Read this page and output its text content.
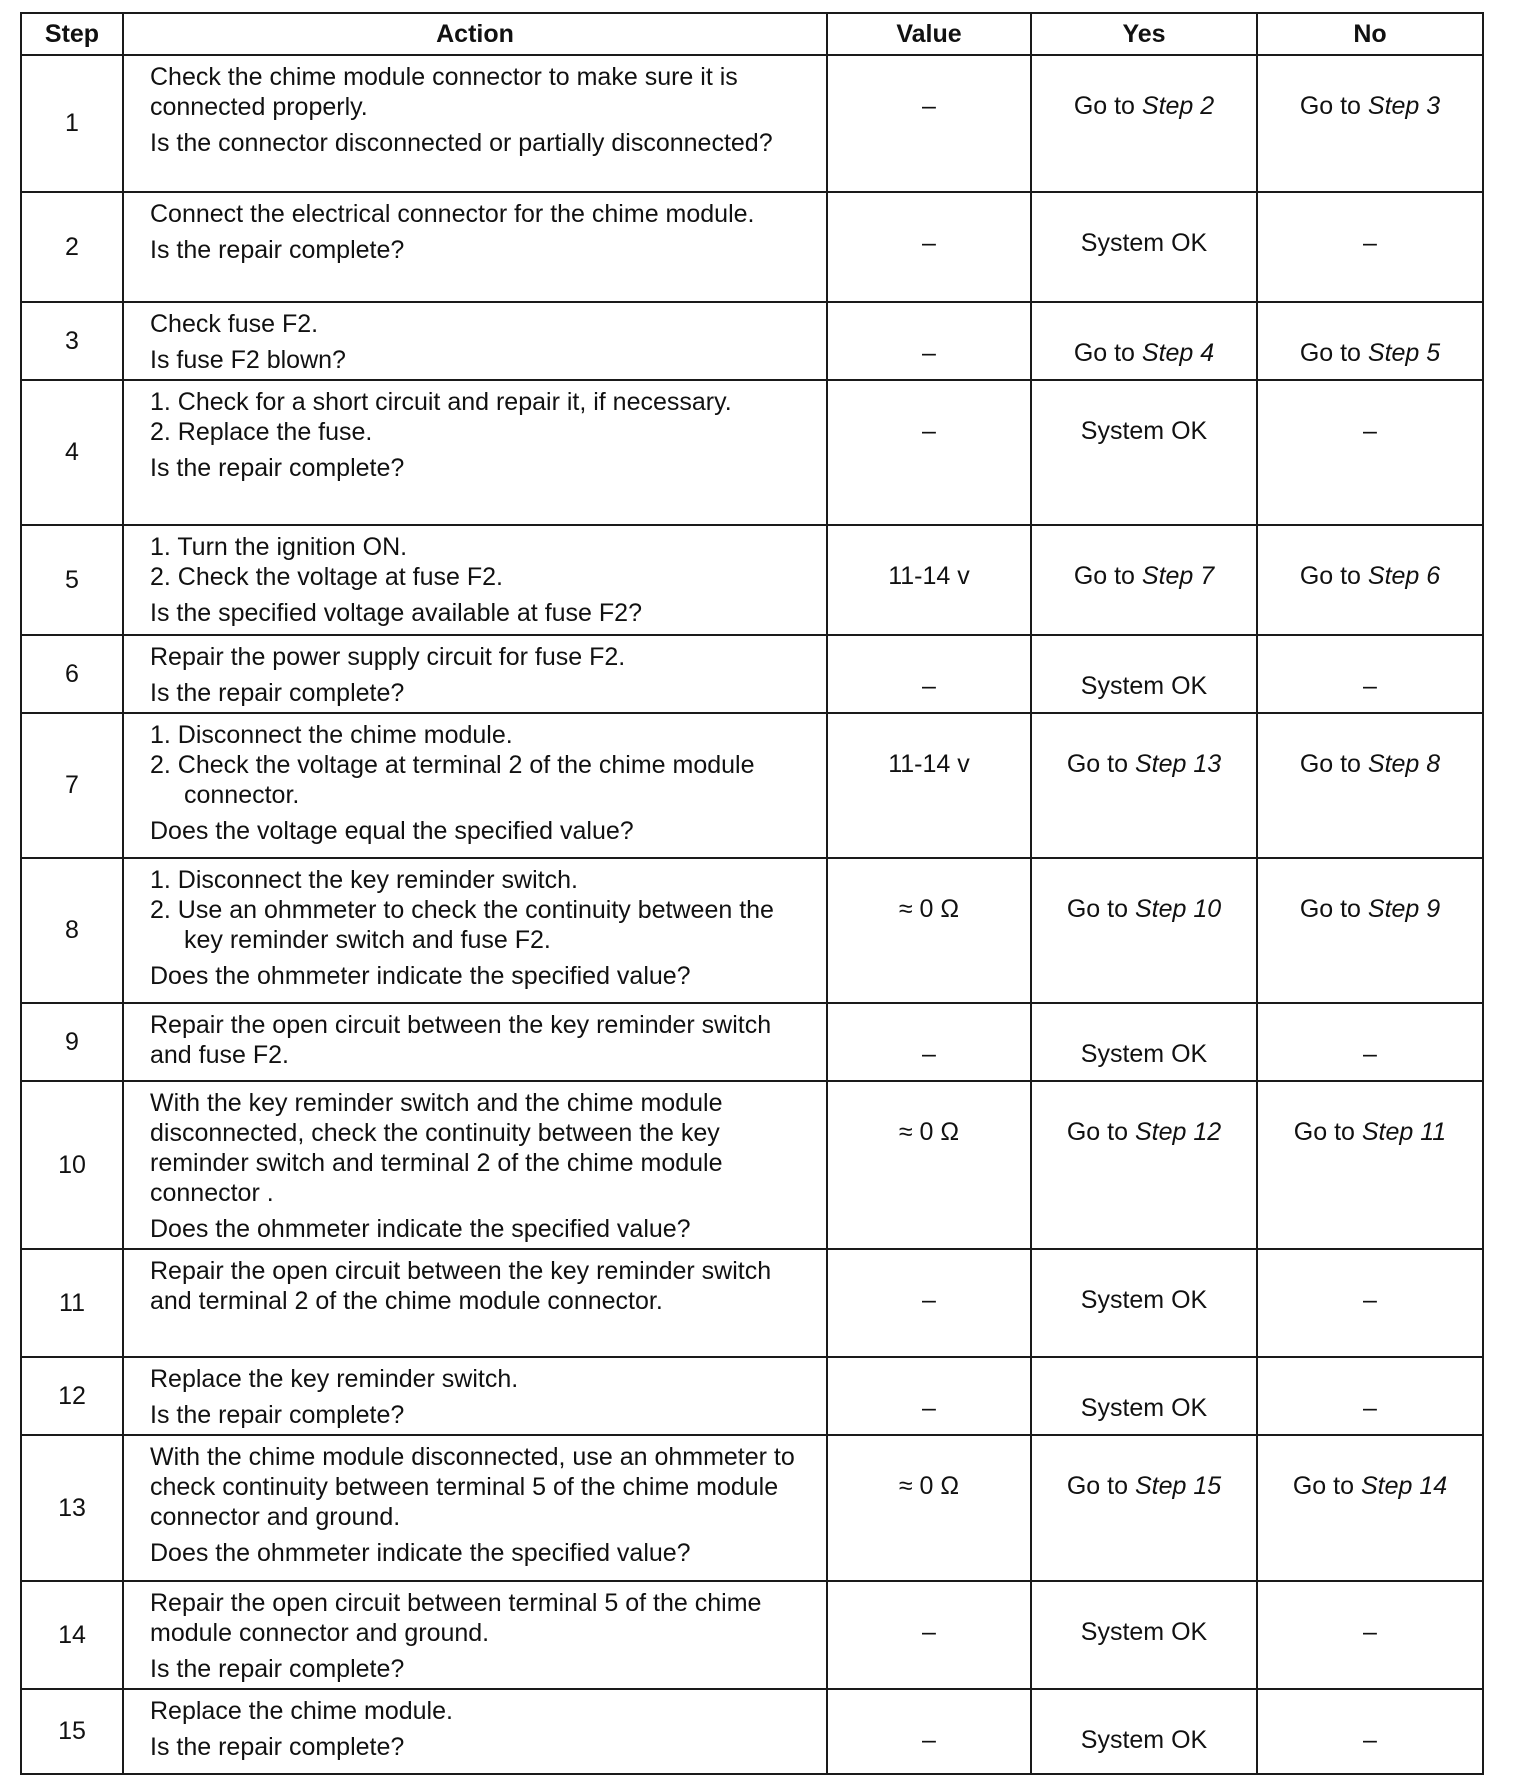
Step	Action	Value	Yes	No
1	Check the chime module connector to make sure it is connected properly.
Is the connector disconnected or partially disconnected?	–	Go to Step 2	Go to Step 3

2	Connect the electrical connector for the chime module.
Is the repair complete?	–	System OK	–

3	Check fuse F2.
Is fuse F2 blown?	–	Go to Step 4	Go to Step 5

4	1. Check for a short circuit and repair it, if necessary.
2. Replace the fuse.
Is the repair complete?	–	System OK	–

5	1. Turn the ignition ON.
2. Check the voltage at fuse F2.
Is the specified voltage available at fuse F2?	11-14 v	Go to Step 7	Go to Step 6

6	Repair the power supply circuit for fuse F2.
Is the repair complete?	–	System OK	–

7	1. Disconnect the chime module.
2. Check the voltage at terminal 2 of the chime module connector.
Does the voltage equal the specified value?	11-14 v	Go to Step 13	Go to Step 8

8	1. Disconnect the key reminder switch.
2. Use an ohmmeter to check the continuity between the key reminder switch and fuse F2.
Does the ohmmeter indicate the specified value?	≈ 0 Ω	Go to Step 10	Go to Step 9

9	Repair the open circuit between the key reminder switch and fuse F2.	–	System OK	–

10	With the key reminder switch and the chime module disconnected, check the continuity between the key reminder switch and terminal 2 of the chime module connector .
Does the ohmmeter indicate the specified value?	≈ 0 Ω	Go to Step 12	Go to Step 11

11	Repair the open circuit between the key reminder switch and terminal 2 of the chime module connector.	–	System OK	–

12	Replace the key reminder switch.
Is the repair complete?	–	System OK	–

13	With the chime module disconnected, use an ohmmeter to check continuity between terminal 5 of the chime module connector and ground.
Does the ohmmeter indicate the specified value?	≈ 0 Ω	Go to Step 15	Go to Step 14

14	Repair the open circuit between terminal 5 of the chime module connector and ground.
Is the repair complete?	–	System OK	–

15	Replace the chime module.
Is the repair complete?	–	System OK	–
